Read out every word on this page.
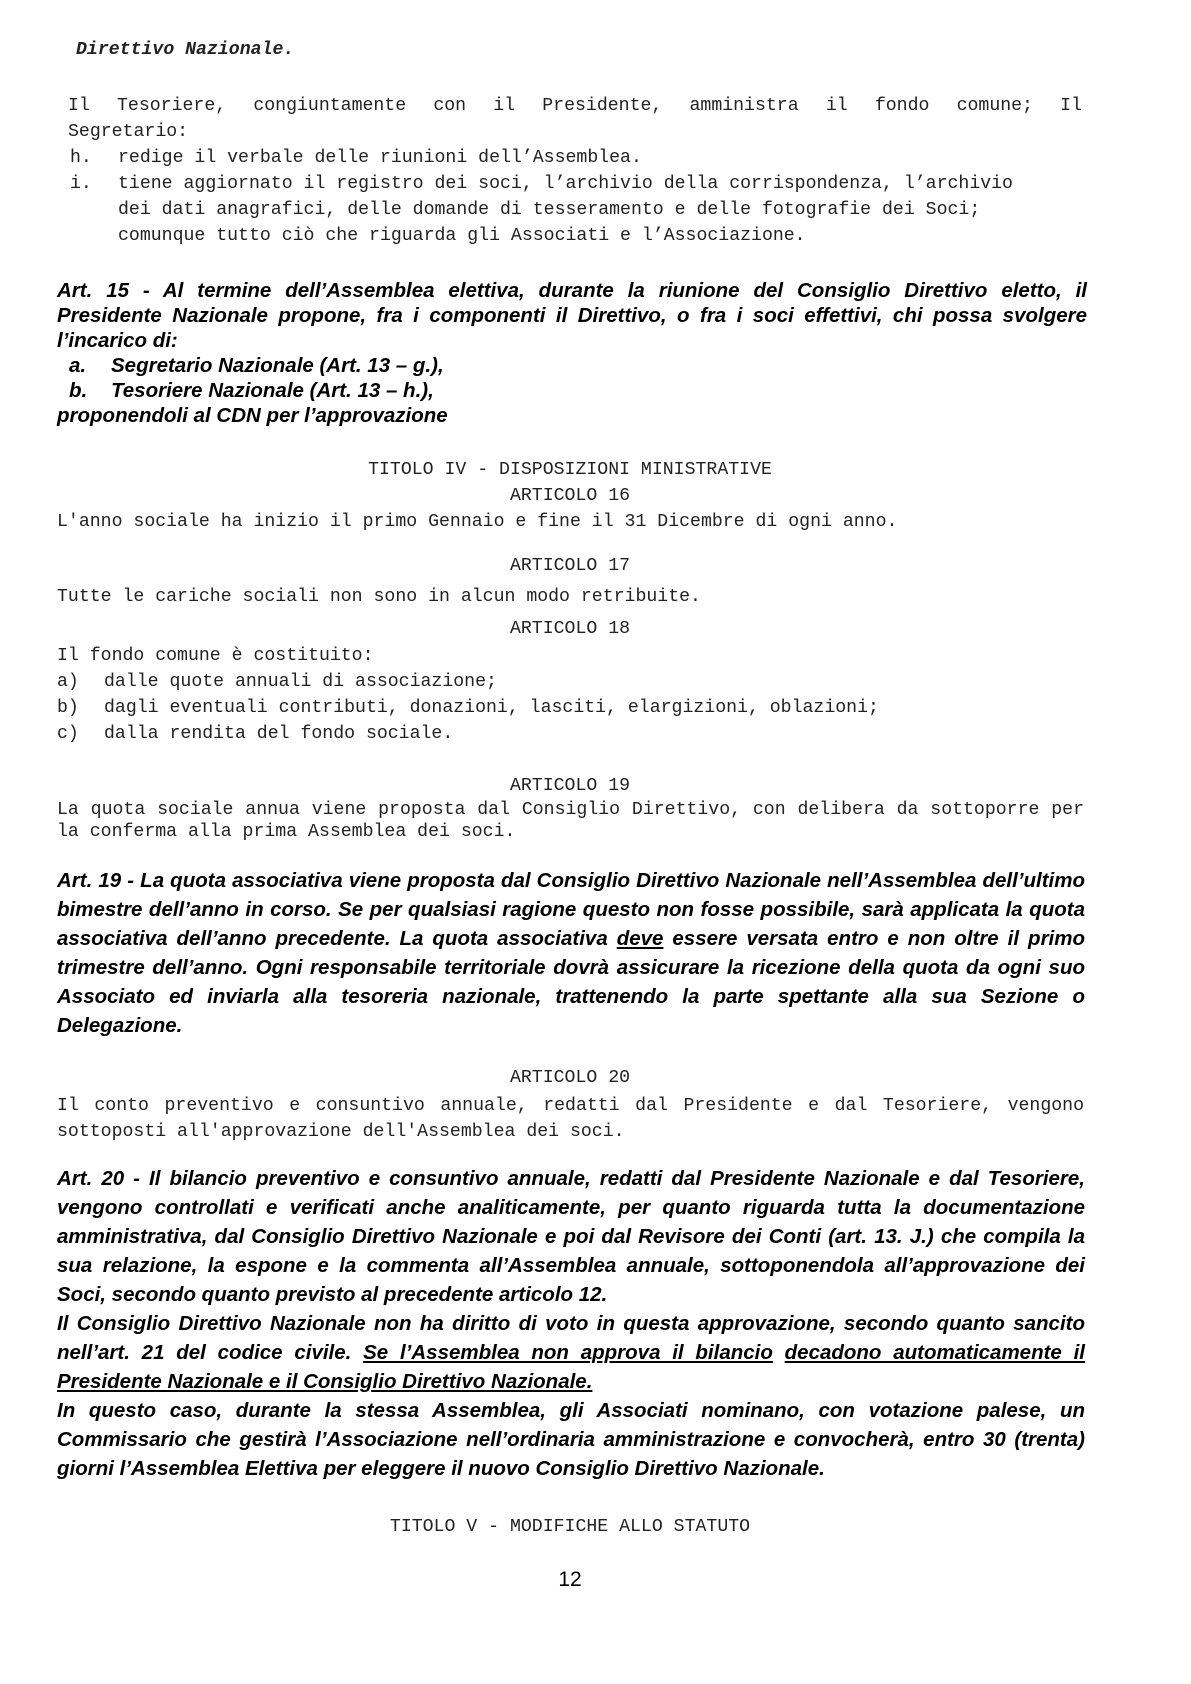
Direttivo Nazionale.
Il Tesoriere, congiuntamente con il Presidente, amministra il fondo comune; Il
Segretario:
h. redige il verbale delle riunioni dell’Assemblea.
i. tiene aggiornato il registro dei soci, l’archivio della corrispondenza, l’archivio
dei dati anagrafici, delle domande di tesseramento e delle fotografie dei Soci;
comunque tutto ciò che riguarda gli Associati e l’Associazione.
Art. 15 - Al termine dell’Assemblea elettiva, durante la riunione del Consiglio Direttivo eletto, il
Presidente Nazionale propone, fra i componenti il Direttivo, o fra i soci effettivi, chi possa svolgere
l’incarico di:
a. Segretario Nazionale (Art. 13 – g.),
b. Tesoriere Nazionale (Art. 13 – h.),
proponendoli al CDN per l’approvazione
TITOLO IV - DISPOSIZIONI MINISTRATIVE
ARTICOLO 16
L'anno sociale ha inizio il primo Gennaio e fine il 31 Dicembre di ogni anno.
ARTICOLO 17
Tutte le cariche sociali non sono in alcun modo retribuite.
ARTICOLO 18
Il fondo comune è costituito:
a) dalle quote annuali di associazione;
b) dagli eventuali contributi, donazioni, lasciti, elargizioni, oblazioni;
c) dalla rendita del fondo sociale.
ARTICOLO 19
La quota sociale annua viene proposta dal Consiglio Direttivo, con delibera da sottoporre per la conferma alla prima Assemblea dei soci.
Art. 19 - La quota associativa viene proposta dal Consiglio Direttivo Nazionale nell’Assemblea dell’ultimo bimestre dell’anno in corso. Se per qualsiasi ragione questo non fosse possibile, sarà applicata la quota associativa dell’anno precedente. La quota associativa deve essere versata entro e non oltre il primo trimestre dell’anno. Ogni responsabile territoriale dovrà assicurare la ricezione della quota da ogni suo Associato ed inviarla alla tesoreria nazionale, trattenendo la parte spettante alla sua Sezione o Delegazione.
ARTICOLO 20
Il conto preventivo e consuntivo annuale, redatti dal Presidente e dal Tesoriere, vengono sottoposti all'approvazione dell'Assemblea dei soci.
Art. 20 - Il bilancio preventivo e consuntivo annuale, redatti dal Presidente Nazionale e dal Tesoriere, vengono controllati e verificati anche analiticamente, per quanto riguarda tutta la documentazione amministrativa, dal Consiglio Direttivo Nazionale e poi dal Revisore dei Conti (art. 13. J.) che compila la sua relazione, la espone e la commenta all’Assemblea annuale, sottoponendola all’approvazione dei Soci, secondo quanto previsto al precedente articolo 12.
Il Consiglio Direttivo Nazionale non ha diritto di voto in questa approvazione, secondo quanto sancito nell’art. 21 del codice civile. Se l’Assemblea non approva il bilancio decadono automaticamente il Presidente Nazionale e il Consiglio Direttivo Nazionale.
In questo caso, durante la stessa Assemblea, gli Associati nominano, con votazione palese, un Commissario che gestirà l’Associazione nell’ordinaria amministrazione e convocherà, entro 30 (trenta) giorni l’Assemblea Elettiva per eleggere il nuovo Consiglio Direttivo Nazionale.
TITOLO V - MODIFICHE ALLO STATUTO
12
